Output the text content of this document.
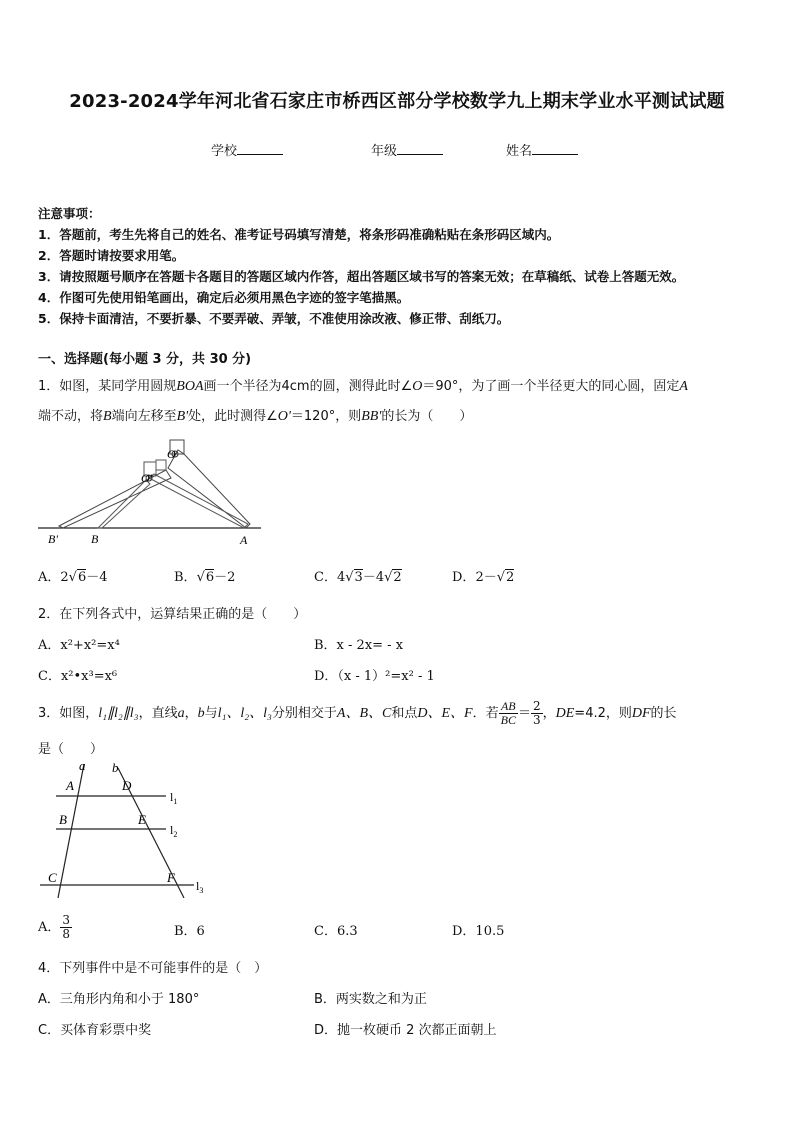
2023-2024学年河北省石家庄市桥西区部分学校数学九上期末学业水平测试试题
学校	年级	姓名
注意事项：
1．答题前，考生先将自己的姓名、准考证号码填写清楚，将条形码准确粘贴在条形码区域内。
2．答题时请按要求用笔。
3．请按照题号顺序在答题卡各题目的答题区域内作答，超出答题区域书写的答案无效；在草稿纸、试卷上答题无效。
4．作图可先使用铅笔画出，确定后必须用黑色字迹的签字笔描黑。
5．保持卡面清洁，不要折暴、不要弄破、弄皱，不准使用涂改液、修正带、刮纸刀。
一、选择题(每小题 3 分，共 30 分)
1．如图，某同学用圆规BOA画一个半径为4cm的圆，测得此时∠O＝90°，为了画一个半径更大的同心圆，固定A
端不动，将B端向左移至B'处，此时测得∠O'＝120°，则BB'的长为（　　）
O
O'
B'	B	A
A．2√6－4	B．√6－2	C．4√3－4√2	D．2－√2
2．在下列各式中，运算结果正确的是（　　）
A．x²+x²=x⁴	B．x - 2x= - x
C．x²•x³=x⁶	D．（x - 1）²=x² - 1
3．如图，l₁∥l₂∥l₃，直线a，b与l₁、l₂、l₃分别相交于A、B、C和点D、E、F．若 $\frac{AB}{BC} = \frac{2}{3}$ ，DE=4.2，则DF的长
是（　　）
a b
A	D
B	E
C	F
$l_1$
$l_2$
$l_3$
A． $\frac{3}{8}$	B．6	C．6.3	D．10.5
4．下列事件中是不可能事件的是（　）
A．三角形内角和小于 180°	B．两实数之和为正
C．买体育彩票中奖	D．抛一枚硬币 2 次都正面朝上
